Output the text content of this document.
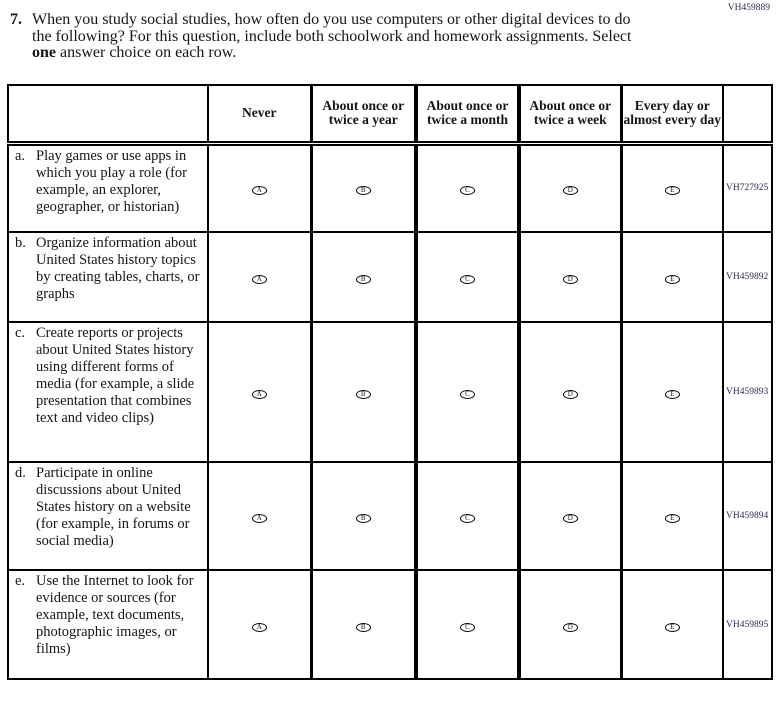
VH459889
7. When you study social studies, how often do you use computers or other digital devices to do the following? For this question, include both schoolwork and homework assignments. Select one answer choice on each row.
	Never	About once or twice a year	About once or twice a month	About once or twice a week	Every day or almost every day	

a. Play games or use apps in which you play a role (for example, an explorer, geographer, or historian)	A	B	C	D	E	VH727925

b. Organize information about United States history topics by creating tables, charts, or graphs	A	B	C	D	E	VH459892

c. Create reports or projects about United States history using different forms of media (for example, a slide presentation that combines text and video clips)	A	B	C	D	E	VH459893

d. Participate in online discussions about United States history on a website (for example, in forums or social media)	A	B	C	D	E	VH459894

e. Use the Internet to look for evidence or sources (for example, text documents, photographic images, or films)	A	B	C	D	E	VH459895
